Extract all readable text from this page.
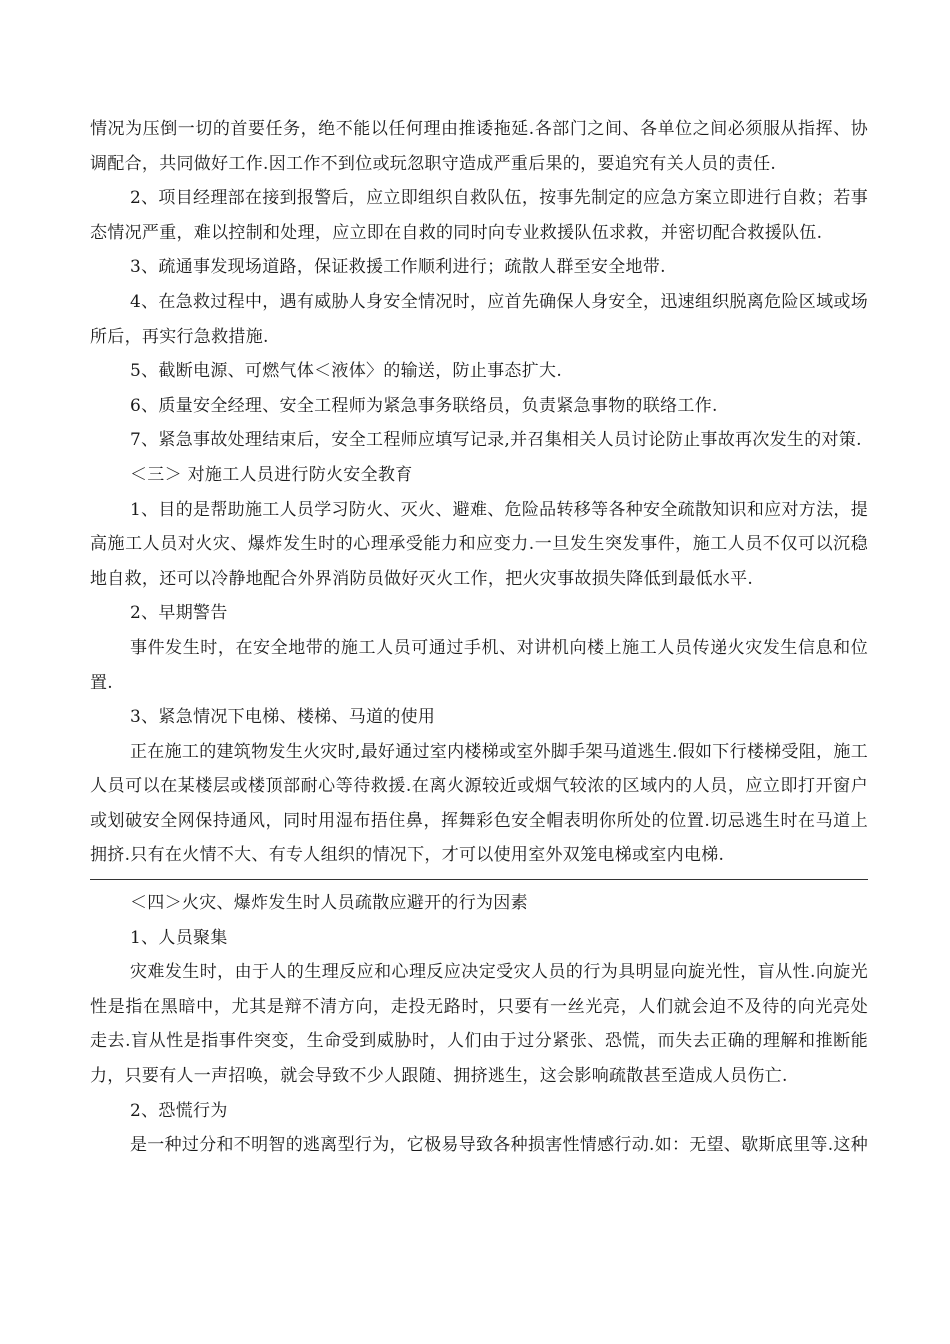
情况为压倒一切的首要任务，绝不能以任何理由推诿拖延.各部门之间、各单位之间必须服从指挥、协调配合，共同做好工作.因工作不到位或玩忽职守造成严重后果的，要追究有关人员的责任.

2、项目经理部在接到报警后，应立即组织自救队伍，按事先制定的应急方案立即进行自救；若事态情况严重，难以控制和处理，应立即在自救的同时向专业救援队伍求救，并密切配合救援队伍.

3、疏通事发现场道路，保证救援工作顺利进行；疏散人群至安全地带.

4、在急救过程中，遇有威胁人身安全情况时，应首先确保人身安全，迅速组织脱离危险区域或场所后，再实行急救措施.

5、截断电源、可燃气体＜液体〉的输送，防止事态扩大.

6、质量安全经理、安全工程师为紧急事务联络员，负责紧急事物的联络工作.

7、紧急事故处理结束后，安全工程师应填写记录,并召集相关人员讨论防止事故再次发生的对策.

＜三＞ 对施工人员进行防火安全教育

1、目的是帮助施工人员学习防火、灭火、避难、危险品转移等各种安全疏散知识和应对方法，提高施工人员对火灾、爆炸发生时的心理承受能力和应变力.一旦发生突发事件，施工人员不仅可以沉稳地自救，还可以冷静地配合外界消防员做好灭火工作，把火灾事故损失降低到最低水平.

2、早期警告

事件发生时，在安全地带的施工人员可通过手机、对讲机向楼上施工人员传递火灾发生信息和位置.

3、紧急情况下电梯、楼梯、马道的使用

正在施工的建筑物发生火灾时,最好通过室内楼梯或室外脚手架马道逃生.假如下行楼梯受阻，施工人员可以在某楼层或楼顶部耐心等待救援.在离火源较近或烟气较浓的区域内的人员，应立即打开窗户或划破安全网保持通风，同时用湿布捂住鼻，挥舞彩色安全帽表明你所处的位置.切忌逃生时在马道上拥挤.只有在火情不大、有专人组织的情况下，才可以使用室外双笼电梯或室内电梯.

＜四＞火灾、爆炸发生时人员疏散应避开的行为因素

1、人员聚集

灾难发生时，由于人的生理反应和心理反应决定受灾人员的行为具明显向旋光性，盲从性.向旋光性是指在黑暗中，尤其是辩不清方向，走投无路时，只要有一丝光亮，人们就会迫不及待的向光亮处走去.盲从性是指事件突变，生命受到威胁时，人们由于过分紧张、恐慌，而失去正确的理解和推断能力，只要有人一声招唤，就会导致不少人跟随、拥挤逃生，这会影响疏散甚至造成人员伤亡.

2、恐慌行为

是一种过分和不明智的逃离型行为，它极易导致各种损害性情感行动.如：无望、歇斯底里等.这种
